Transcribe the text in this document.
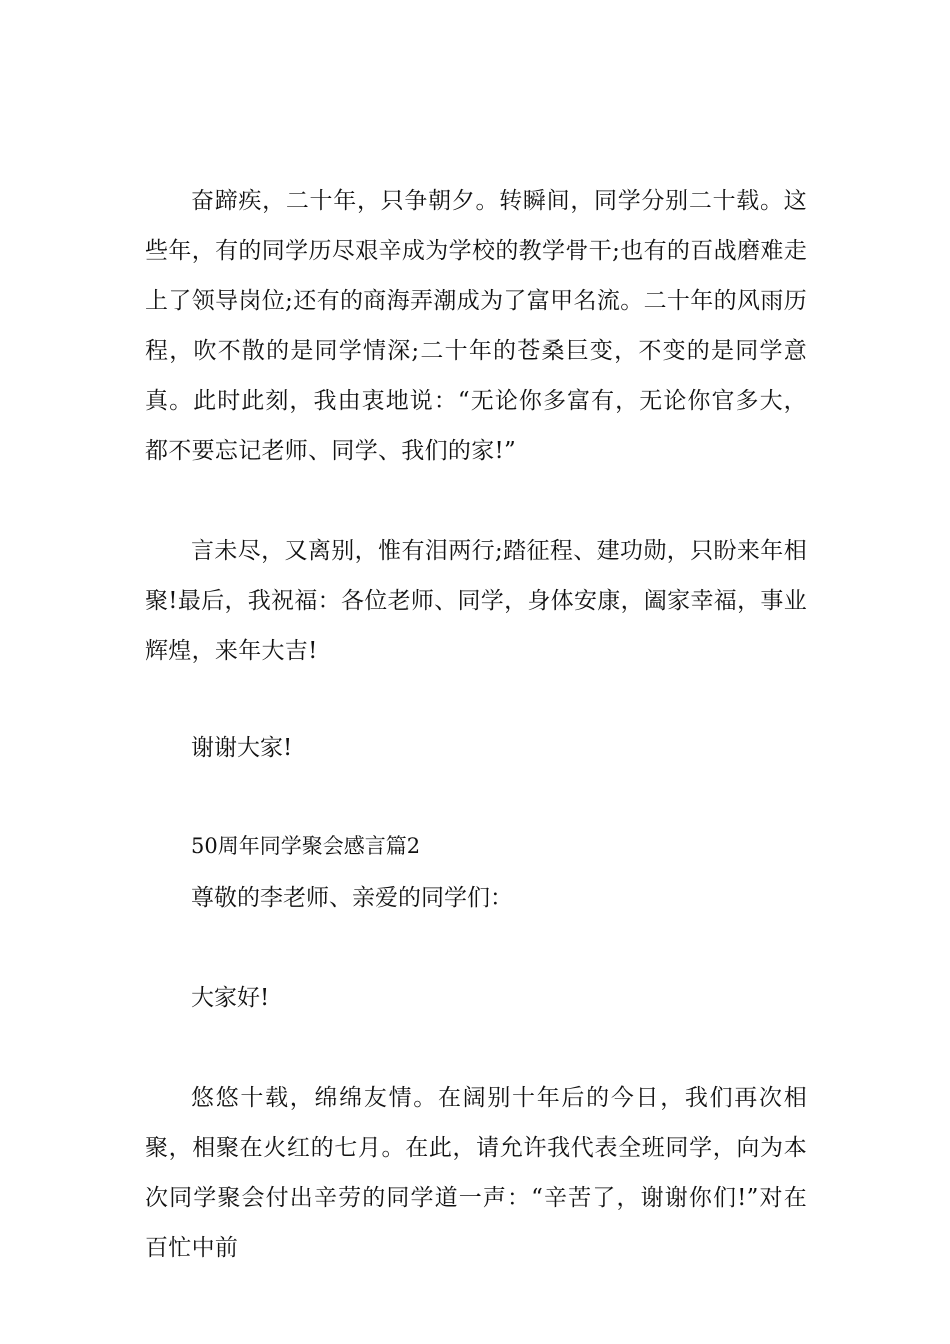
奋蹄疾，二十年，只争朝夕。转瞬间，同学分别二十载。这些年，有的同学历尽艰辛成为学校的教学骨干;也有的百战磨难走上了领导岗位;还有的商海弄潮成为了富甲名流。二十年的风雨历程，吹不散的是同学情深;二十年的苍桑巨变，不变的是同学意真。此时此刻，我由衷地说：“无论你多富有，无论你官多大，都不要忘记老师、同学、我们的家!”

言未尽，又离别，惟有泪两行;踏征程、建功勋，只盼来年相聚!最后，我祝福：各位老师、同学，身体安康，阖家幸福，事业辉煌，来年大吉!

谢谢大家!

50周年同学聚会感言篇2

尊敬的李老师、亲爱的同学们：

大家好!

悠悠十载，绵绵友情。在阔别十年后的今日，我们再次相聚，相聚在火红的七月。在此，请允许我代表全班同学，向为本次同学聚会付出辛劳的同学道一声：“辛苦了，谢谢你们!”对在百忙中前
